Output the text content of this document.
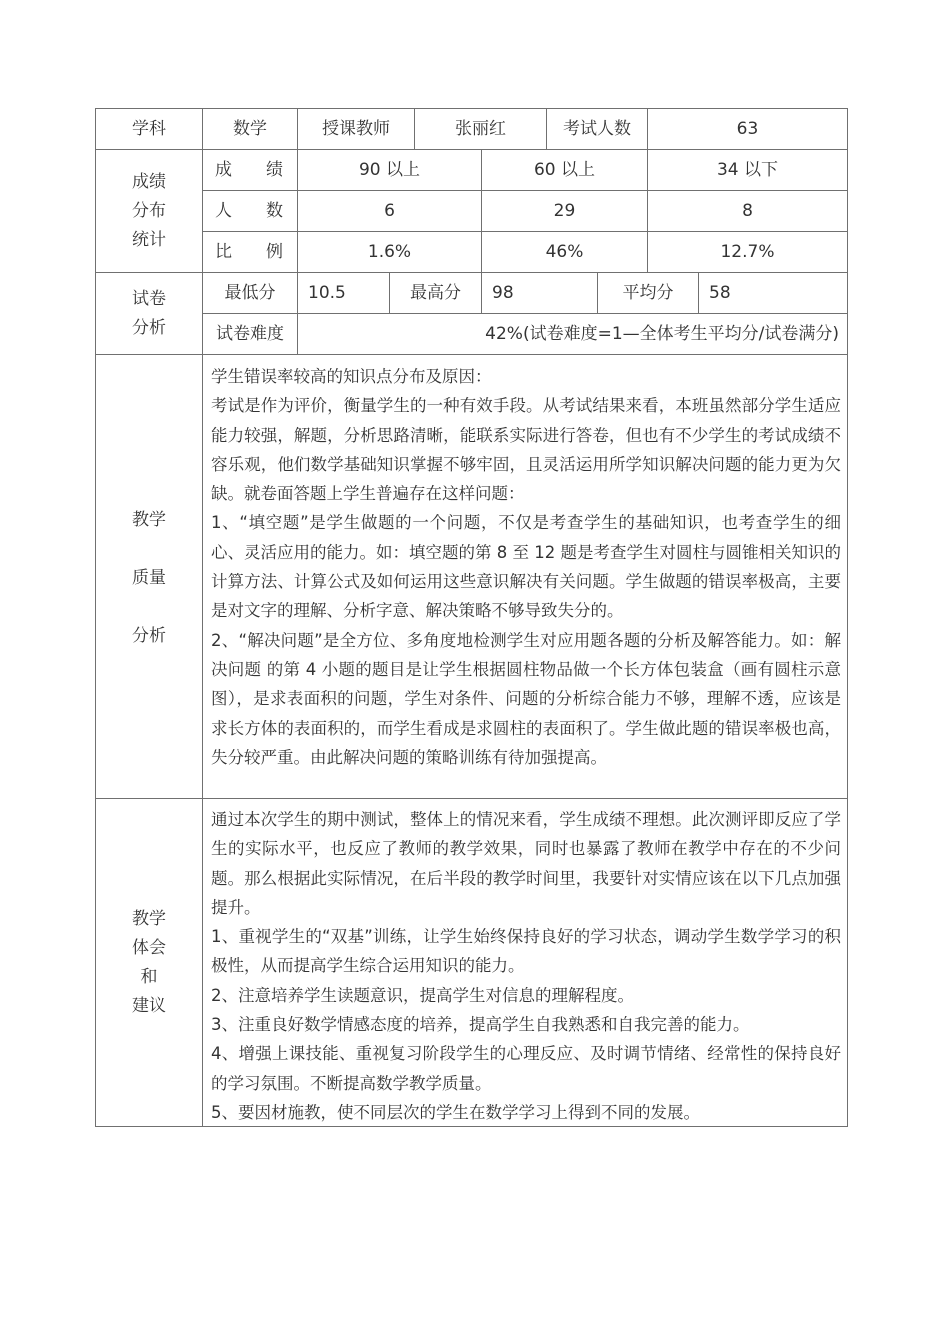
学科	数学	授课教师	张丽红	考试人数	63
成绩
分布
统计
成 绩	90 以上	60 以上	34 以下
人 数	6	29	8
比 例	1.6%	46%	12.7%
试卷
分析
最低分	10.5	最高分	98	平均分	58
试卷难度	42%(试卷难度=1—全体考生平均分/试卷满分)
教学
质量
分析

学生错误率较高的知识点分布及原因：

考试是作为评价，衡量学生的一种有效手段。从考试结果来看，本班虽然部分学生适应能力较强，解题，分析思路清晰，能联系实际进行答卷，但也有不少学生的考试成绩不容乐观，他们数学基础知识掌握不够牢固，且灵活运用所学知识解决问题的能力更为欠缺。就卷面答题上学生普遍存在这样问题：

1、“填空题”是学生做题的一个问题，不仅是考查学生的基础知识，也考查学生的细心、灵活应用的能力。如：填空题的第 8 至 12 题是考查学生对圆柱与圆锥相关知识的计算方法、计算公式及如何运用这些意识解决有关问题。学生做题的错误率极高，主要是对文字的理解、分析字意、解决策略不够导致失分的。

2、“解决问题”是全方位、多角度地检测学生对应用题各题的分析及解答能力。如：解决问题 的第 4 小题的题目是让学生根据圆柱物品做一个长方体包装盒（画有圆柱示意图），是求表面积的问题，学生对条件、问题的分析综合能力不够，理解不透，应该是求长方体的表面积的，而学生看成是求圆柱的表面积了。学生做此题的错误率极也高，失分较严重。由此解决问题的策略训练有待加强提高。

教学
体会
和
建议

通过本次学生的期中测试，整体上的情况来看，学生成绩不理想。此次测评即反应了学生的实际水平，也反应了教师的教学效果，同时也暴露了教师在教学中存在的不少问题。那么根据此实际情况，在后半段的教学时间里，我要针对实情应该在以下几点加强提升。

1、重视学生的“双基”训练，让学生始终保持良好的学习状态，调动学生数学学习的积极性，从而提高学生综合运用知识的能力。

2、注意培养学生读题意识，提高学生对信息的理解程度。

3、注重良好数学情感态度的培养，提高学生自我熟悉和自我完善的能力。

4、增强上课技能、重视复习阶段学生的心理反应、及时调节情绪、经常性的保持良好的学习氛围。不断提高数学教学质量。

5、要因材施教，使不同层次的学生在数学学习上得到不同的发展。
